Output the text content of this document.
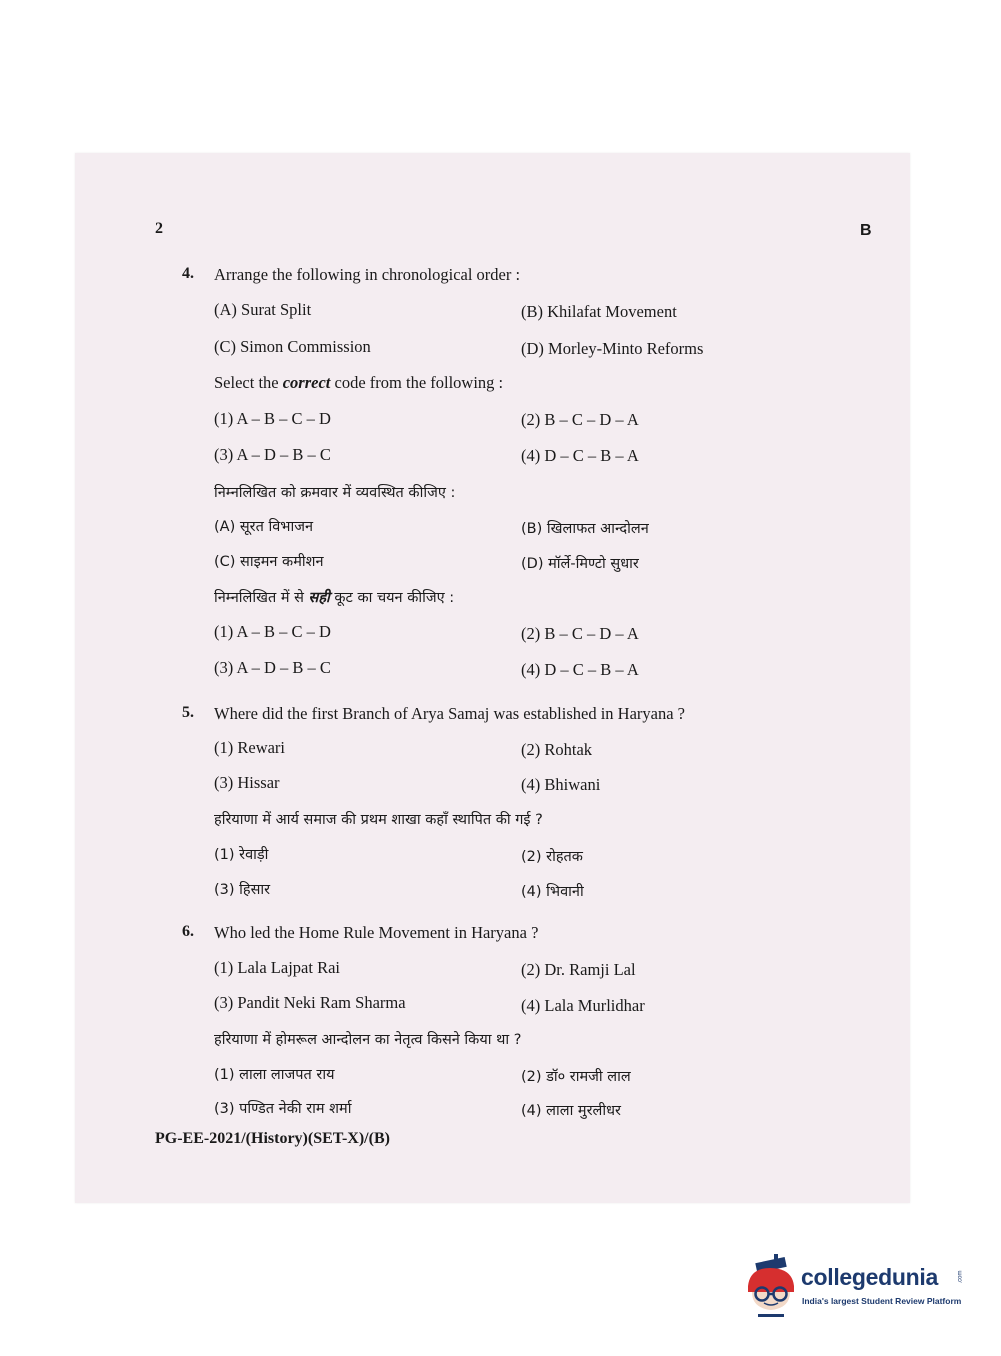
2	B
4. Arrange the following in chronological order :
(A) Surat Split	(B) Khilafat Movement
(C) Simon Commission	(D) Morley-Minto Reforms
Select the correct code from the following :
(1) A – B – C – D	(2) B – C – D – A
(3) A – D – B – C	(4) D – C – B – A
निम्नलिखित को क्रमवार में व्यवस्थित कीजिए :
(A) सूरत विभाजन	(B) खिलाफत आन्दोलन
(C) साइमन कमीशन	(D) मॉर्ले-मिण्टो सुधार
निम्नलिखित में से सही कूट का चयन कीजिए :
(1) A – B – C – D	(2) B – C – D – A
(3) A – D – B – C	(4) D – C – B – A
5. Where did the first Branch of Arya Samaj was established in Haryana ?
(1) Rewari	(2) Rohtak
(3) Hissar	(4) Bhiwani
हरियाणा में आर्य समाज की प्रथम शाखा कहाँ स्थापित की गई ?
(1) रेवाड़ी	(2) रोहतक
(3) हिसार	(4) भिवानी
6. Who led the Home Rule Movement in Haryana ?
(1) Lala Lajpat Rai	(2) Dr. Ramji Lal
(3) Pandit Neki Ram Sharma	(4) Lala Murlidhar
हरियाणा में होमरूल आन्दोलन का नेतृत्व किसने किया था ?
(1) लाला लाजपत राय	(2) डॉ० रामजी लाल
(3) पण्डित नेकी राम शर्मा	(4) लाला मुरलीधर
PG-EE-2021/(History)(SET-X)/(B)
collegedunia	.com
India's largest Student Review Platform
